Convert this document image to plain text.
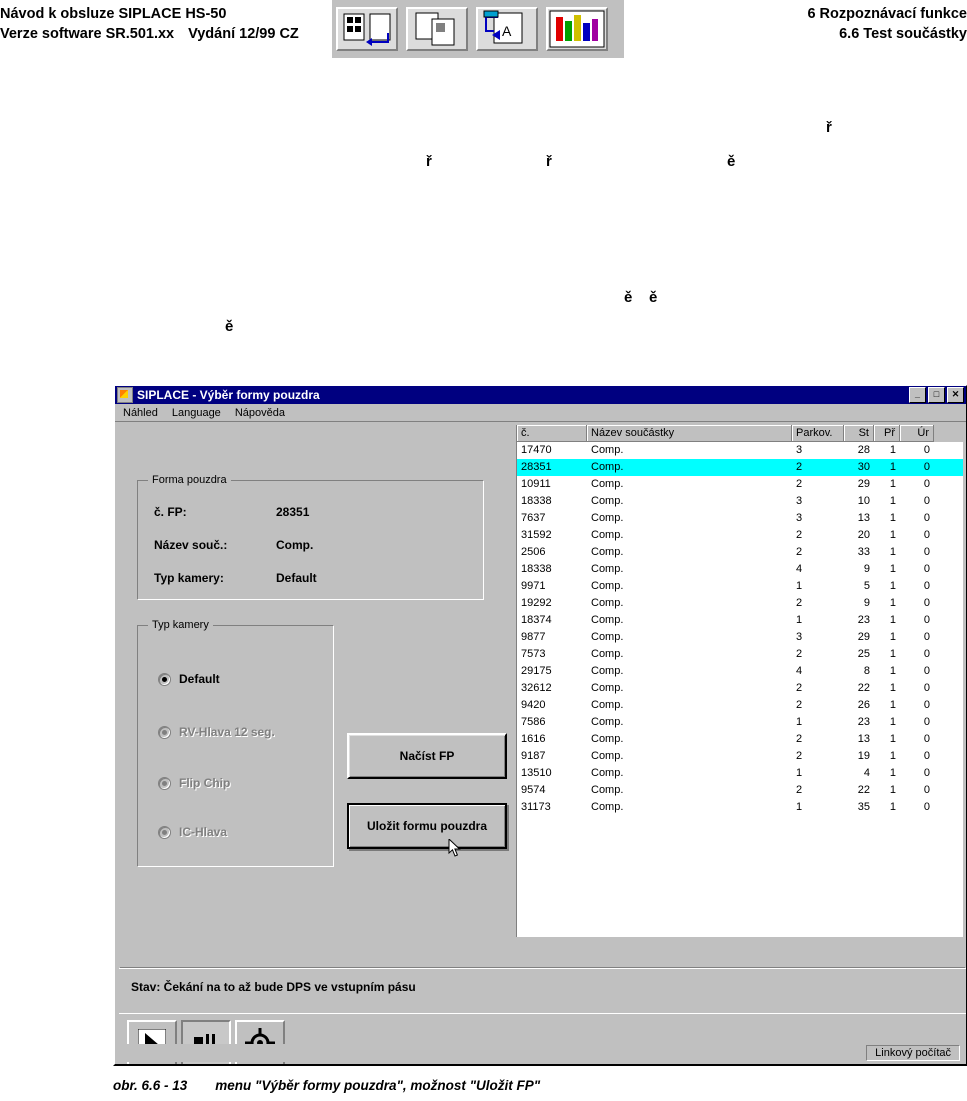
Návod k obsluze SIPLACE HS-50
Verze software SR.501.xx Vydání 12/99 CZ	A
6 Rozpoznávací funkce
6.6 Test součástky
ř
ř	ř	ě
ě ě
ě
SIPLACE - Výběr formy pouzdra	_	□	✕
Náhled Language Nápověda
Forma pouzdra
č. FP:	28351
Název souč.:	Comp.
Typ kamery:	Default
Typ kamery
Default
RV-Hlava 12 seg.
Flip Chip
IC-Hlava
Načíst FP
Uložit formu pouzdra
č.	Název součástky	Parkov.	St	Př	Úr
17470	Comp.	3	28	1	0
28351	Comp.	2	30	1	0
10911	Comp.	2	29	1	0
18338	Comp.	3	10	1	0
7637	Comp.	3	13	1	0
31592	Comp.	2	20	1	0
2506	Comp.	2	33	1	0
18338	Comp.	4	9	1	0
9971	Comp.	1	5	1	0
19292	Comp.	2	9	1	0
18374	Comp.	1	23	1	0
9877	Comp.	3	29	1	0
7573	Comp.	2	25	1	0
29175	Comp.	4	8	1	0
32612	Comp.	2	22	1	0
9420	Comp.	2	26	1	0
7586	Comp.	1	23	1	0
1616	Comp.	2	13	1	0
9187	Comp.	2	19	1	0
13510	Comp.	1	4	1	0
9574	Comp.	2	22	1	0
31173	Comp.	1	35	1	0
Stav: Čekání na to až bude DPS ve vstupním pásu
Linkový počítač
obr. 6.6 - 13 menu "Výběr formy pouzdra", možnost "Uložit FP"
